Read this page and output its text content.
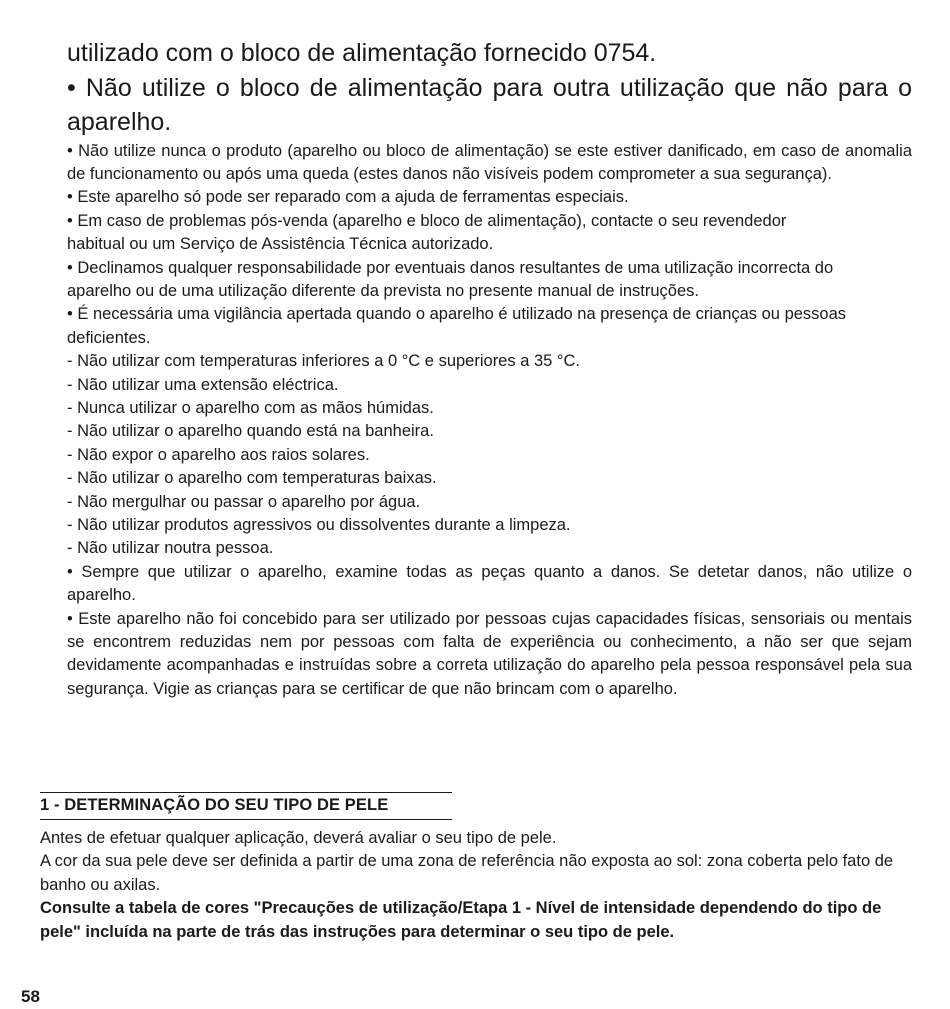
utilizado com o bloco de alimentação fornecido 0754.

• Não utilize o bloco de alimentação para outra utilização que não para o aparelho.

• Não utilize nunca o produto (aparelho ou bloco de alimentação) se este estiver danificado, em caso de anomalia de funcionamento ou após uma queda (estes danos não visíveis podem comprometer a sua segurança).

• Este aparelho só pode ser reparado com a ajuda de ferramentas especiais.

• Em caso de problemas pós-venda (aparelho e bloco de alimentação), contacte o seu revendedor habitual ou um Serviço de Assistência Técnica autorizado.

• Declinamos qualquer responsabilidade por eventuais danos resultantes de uma utilização incorrecta do aparelho ou de uma utilização diferente da prevista no presente manual de instruções.

• É necessária uma vigilância apertada quando o aparelho é utilizado na presença de crianças ou pessoas deficientes.

- Não utilizar com temperaturas inferiores a 0 °C e superiores a 35 °C.

- Não utilizar uma extensão eléctrica.

- Nunca utilizar o aparelho com as mãos húmidas.

- Não utilizar o aparelho quando está na banheira.

- Não expor o aparelho aos raios solares.

- Não utilizar o aparelho com temperaturas baixas.

- Não mergulhar ou passar o aparelho por água.

- Não utilizar produtos agressivos ou dissolventes durante a limpeza.

- Não utilizar noutra pessoa.

• Sempre que utilizar o aparelho, examine todas as peças quanto a danos. Se detetar danos, não utilize o aparelho.

• Este aparelho não foi concebido para ser utilizado por pessoas cujas capacidades físicas, sensoriais ou mentais se encontrem reduzidas nem por pessoas com falta de experiência ou conhecimento, a não ser que sejam devidamente acompanhadas e instruídas sobre a correta utilização do aparelho pela pessoa responsável pela sua segurança. Vigie as crianças para se certificar de que não brincam com o aparelho.

1 - DETERMINAÇÃO DO SEU TIPO DE PELE

Antes de efetuar qualquer aplicação, deverá avaliar o seu tipo de pele.

A cor da sua pele deve ser definida a partir de uma zona de referência não exposta ao sol: zona coberta pelo fato de banho ou axilas.

Consulte a tabela de cores "Precauções de utilização/Etapa 1 - Nível de intensidade dependendo do tipo de pele" incluída na parte de trás das instruções para determinar o seu tipo de pele.

58
